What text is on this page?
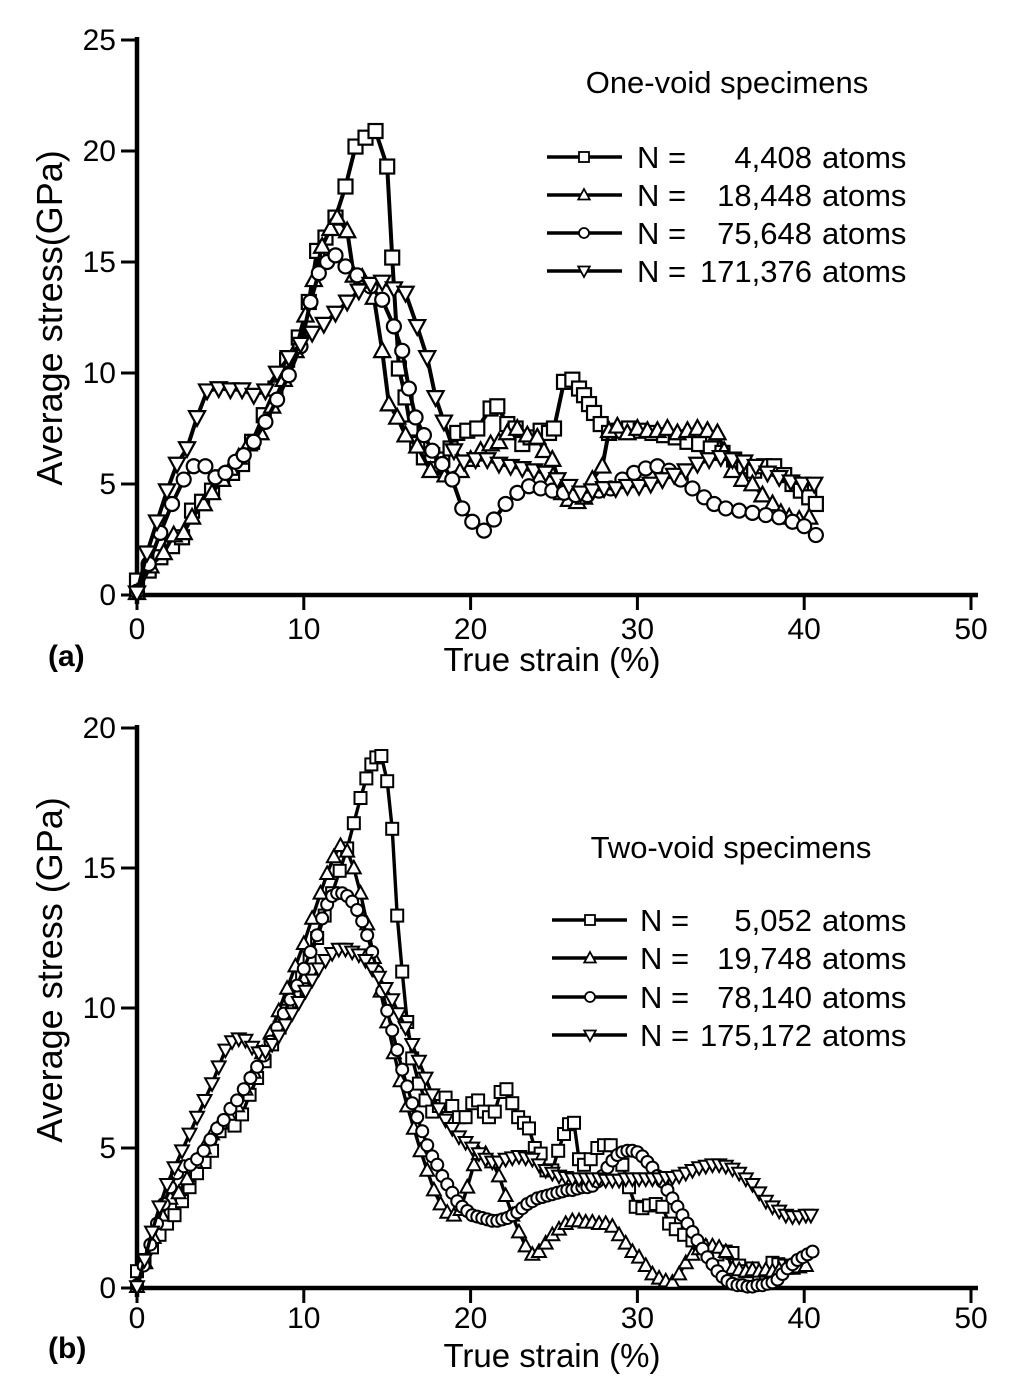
0	10	20	30	40	50
0
5
10
15
20
25
One-void specimens
N = 4,408 atoms
N = 18,448 atoms
N = 75,648 atoms
N = 171,376 atoms
Average stress(GPa)
True strain (%)
(a)
0	10	20	30	40	50
0
5
10
15
20
Two-void specimens
N = 5,052 atoms
N = 19,748 atoms
N = 78,140 atoms
N = 175,172 atoms
Average stress (GPa)
True strain (%)
(b)
